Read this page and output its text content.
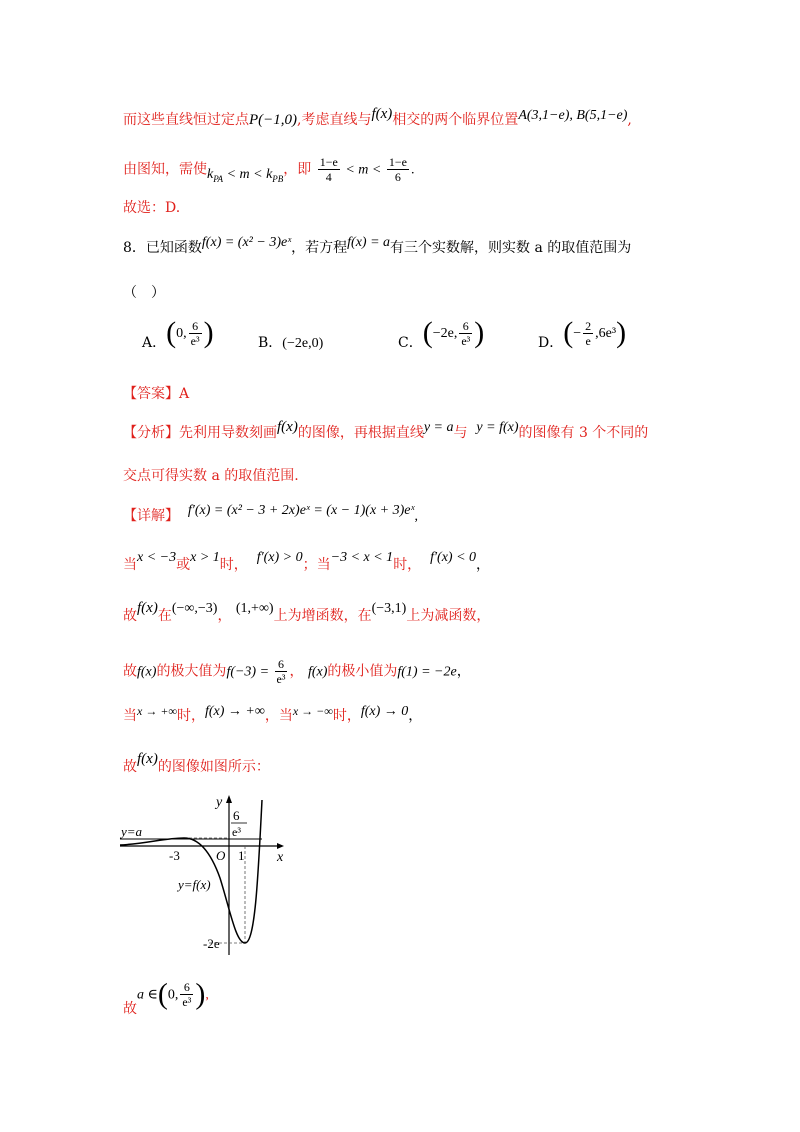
而这些直线恒过定点P(−1,0),考虑直线与f(x)相交的两个临界位置A(3,1−e), B(5,1−e),
由图知，需使$k_{PA} < m < k_{PB}$，即 $\frac{1-e}{4} < m < \frac{1-e}{6}$ .
故选：D.
8．已知函数f(x) = (x² − 3)eˣ，若方程f(x) = a有三个实数解，则实数 a 的取值范围为
（　）
A．(0, $\frac{6}{\text{e³}}$ )	B．(−2e,0)	C．(−2e, $\frac{6}{\text{e³}}$ )	D．(− $\frac{2}{e} ,6e^3$)
【答案】A
【分析】先利用导数刻画f(x)的图像，再根据直线y = a与 y = f(x)的图像有 3 个不同的
交点可得实数 a 的取值范围.
【详解】 f′(x) = (x² − 3 + 2x)eˣ = (x − 1)(x + 3)eˣ,
当x < −3或x > 1时， f′(x) > 0；当−3 < x < 1时， f′(x) < 0，
故f(x)在(−∞,−3)， (1,+∞)上为增函数，在(−3,1)上为减函数，
故f(x)的极大值为$f(-3) = \frac{6}{\text{e³}}$ ， f(x)的极小值为f(1) = −2e，
当x → +∞时，f(x) → +∞，当x → −∞时，f(x) → 0，
故f(x)的图像如图所示：
y
x
y=a
-3	O 1
6
e³
y=f(x)
-2e
故a ∈(0, $\frac{6}{\text{e³}}$ ),
